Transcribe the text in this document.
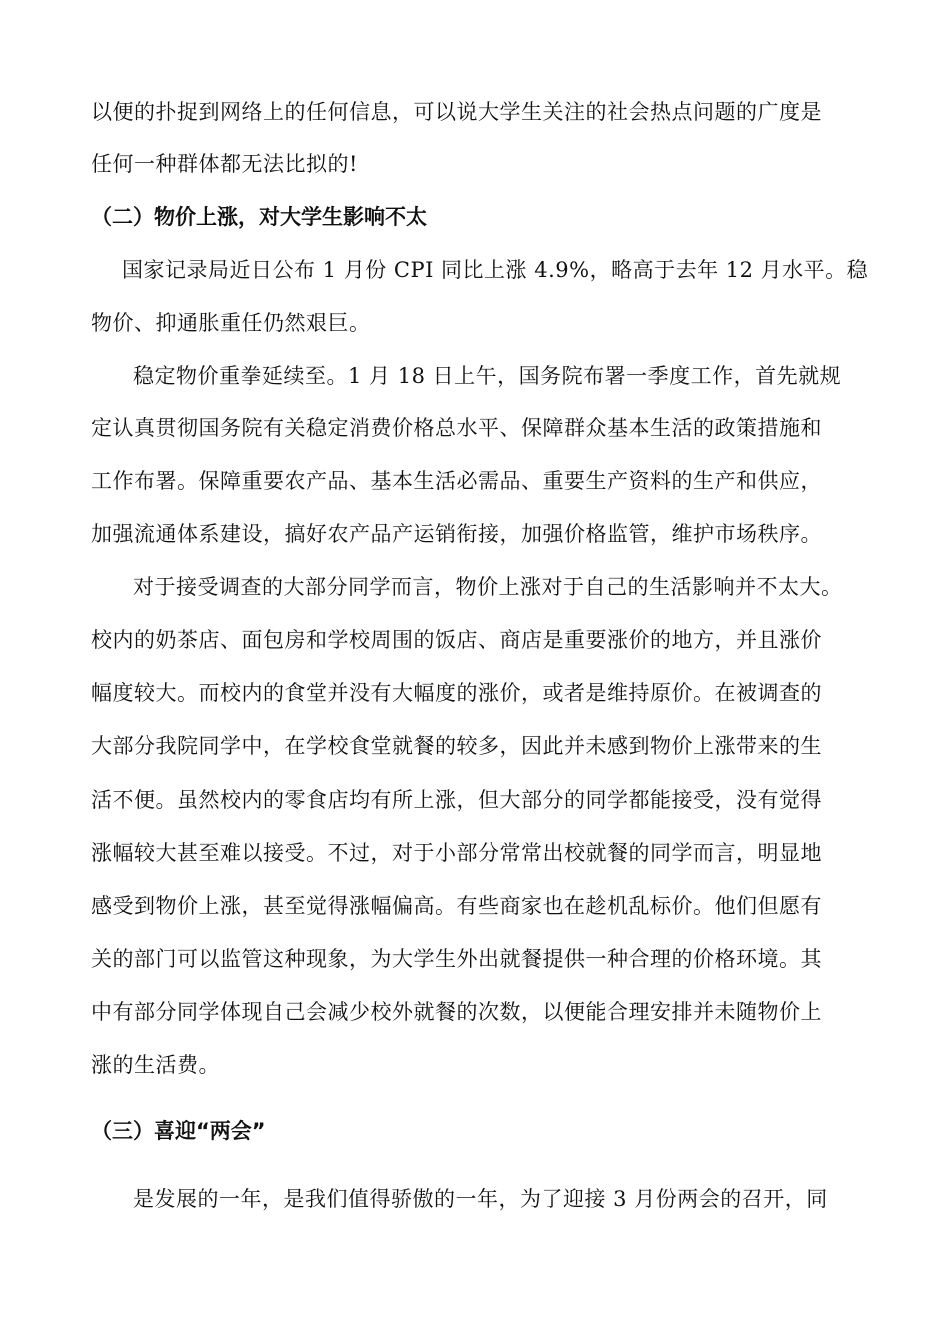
以便的扑捉到网络上的任何信息，可以说大学生关注的社会热点问题的广度是
任何一种群体都无法比拟的!
（二）物价上涨，对大学生影响不太
国家记录局近日公布 1 月份 CPI 同比上涨 4.9%，略高于去年 12 月水平。稳
物价、抑通胀重任仍然艰巨。
稳定物价重拳延续至。1 月 18 日上午，国务院布署一季度工作，首先就规
定认真贯彻国务院有关稳定消费价格总水平、保障群众基本生活的政策措施和
工作布署。保障重要农产品、基本生活必需品、重要生产资料的生产和供应，
加强流通体系建设，搞好农产品产运销衔接，加强价格监管，维护市场秩序。
对于接受调查的大部分同学而言，物价上涨对于自己的生活影响并不太大。
校内的奶茶店、面包房和学校周围的饭店、商店是重要涨价的地方，并且涨价
幅度较大。而校内的食堂并没有大幅度的涨价，或者是维持原价。在被调查的
大部分我院同学中，在学校食堂就餐的较多，因此并未感到物价上涨带来的生
活不便。虽然校内的零食店均有所上涨，但大部分的同学都能接受，没有觉得
涨幅较大甚至难以接受。不过，对于小部分常常出校就餐的同学而言，明显地
感受到物价上涨，甚至觉得涨幅偏高。有些商家也在趁机乱标价。他们但愿有
关的部门可以监管这种现象，为大学生外出就餐提供一种合理的价格环境。其
中有部分同学体现自己会减少校外就餐的次数，以便能合理安排并未随物价上
涨的生活费。
（三）喜迎“两会”
是发展的一年，是我们值得骄傲的一年，为了迎接 3 月份两会的召开，同
